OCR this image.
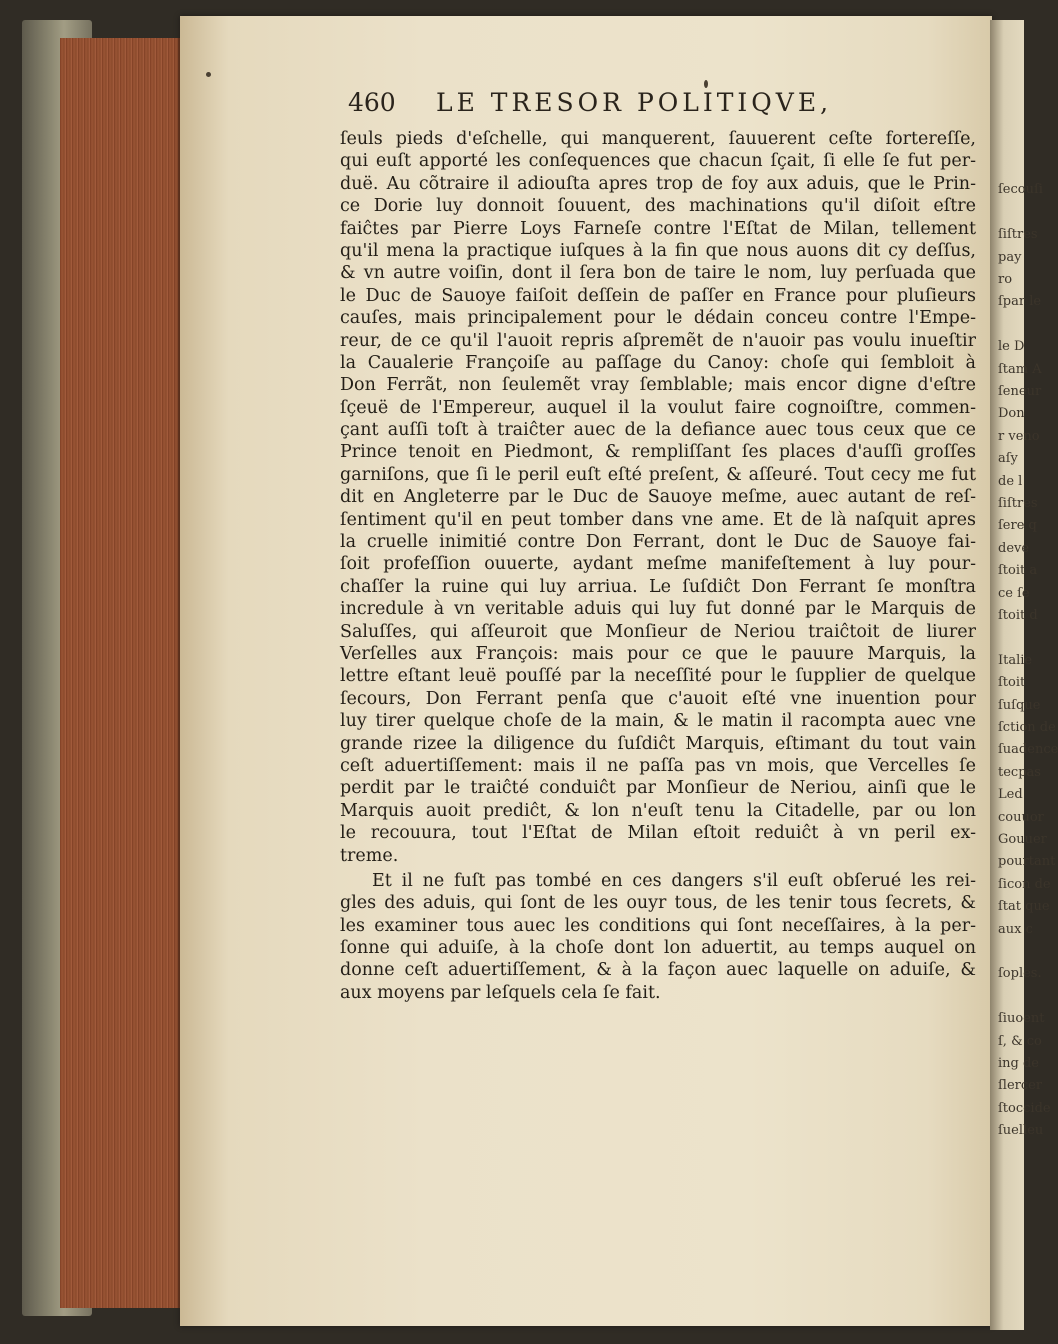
ſecouſi
ſiſtres
pay
ro
ſpar le
le D
ſtam A
ſeneur
Don
r veno
aſy
de l
ſiſtres
ſere q
deve
ſtoit a
ce ſe
ſtoit d
Italie
ſtoit
ſuſque
ſction de
ſuadence
tecpas
Led
couuor
Gouuer
pourtant
ſicon de
ſtat que
aux c
ſoples.
ſiuoent
ſ, & co
ing de
ſlercer
ſtoccide
ſuelleu
460 LE TRESOR POLITIQVE,
ſeuls pieds d'eſchelle, qui manquerent, ſauuerent ceſte fortereſſe,
qui euſt apporté les conſequences que chacun ſçait, ſi elle ſe fut per-
duë. Au cõtraire il adiouſta apres trop de foy aux aduis, que le Prin-
ce Dorie luy donnoit ſouuent, des machinations qu'il diſoit eſtre
faiĉtes par Pierre Loys Farneſe contre l'Eſtat de Milan, tellement
qu'il mena la practique iuſques à la fin que nous auons dit cy deſſus,
& vn autre voiſin, dont il ſera bon de taire le nom, luy perſuada que
le Duc de Sauoye faiſoit deſſein de paſſer en France pour pluſieurs
cauſes, mais principalement pour le dédain conceu contre l'Empe-
reur, de ce qu'il l'auoit repris aſpremẽt de n'auoir pas voulu inueſtir
la Caualerie Françoiſe au paſſage du Canoy: choſe qui ſembloit à
Don Ferrãt, non ſeulemẽt vray ſemblable; mais encor digne d'eſtre
ſçeuë de l'Empereur, auquel il la voulut faire cognoiſtre, commen-
çant auſſi toſt à traiĉter auec de la defiance auec tous ceux que ce
Prince tenoit en Piedmont, & rempliſſant ſes places d'auſſi groſſes
garniſons, que ſi le peril euſt eſté preſent, & aſſeuré. Tout cecy me fut
dit en Angleterre par le Duc de Sauoye meſme, auec autant de reſ-
ſentiment qu'il en peut tomber dans vne ame. Et de là naſquit apres
la cruelle inimitié contre Don Ferrant, dont le Duc de Sauoye fai-
ſoit profeſſion ouuerte, aydant meſme manifeſtement à luy pour-
chaſſer la ruine qui luy arriua. Le ſuſdiĉt Don Ferrant ſe monſtra
incredule à vn veritable aduis qui luy fut donné par le Marquis de
Saluſſes, qui aſſeuroit que Monſieur de Neriou traiĉtoit de liurer
Verſelles aux François: mais pour ce que le pauure Marquis, la
lettre eſtant leuë pouſſé par la neceſſité pour le ſupplier de quelque
ſecours, Don Ferrant penſa que c'auoit eſté vne inuention pour
luy tirer quelque choſe de la main, & le matin il racompta auec vne
grande rizee la diligence du ſuſdiĉt Marquis, eſtimant du tout vain
ceſt aduertiſſement: mais il ne paſſa pas vn mois, que Vercelles ſe
perdit par le traiĉté conduiĉt par Monſieur de Neriou, ainſi que le
Marquis auoit prediĉt, & lon n'euſt tenu la Citadelle, par ou lon
le recouura, tout l'Eſtat de Milan eſtoit reduiĉt à vn peril ex-
treme.
Et il ne fuſt pas tombé en ces dangers s'il euſt obſerué les rei-
gles des aduis, qui ſont de les ouyr tous, de les tenir tous ſecrets, &
les examiner tous auec les conditions qui ſont neceſſaires, à la per-
ſonne qui aduiſe, à la choſe dont lon aduertit, au temps auquel on
donne ceſt aduertiſſement, & à la façon auec laquelle on aduiſe, &
aux moyens par leſquels cela ſe fait.
